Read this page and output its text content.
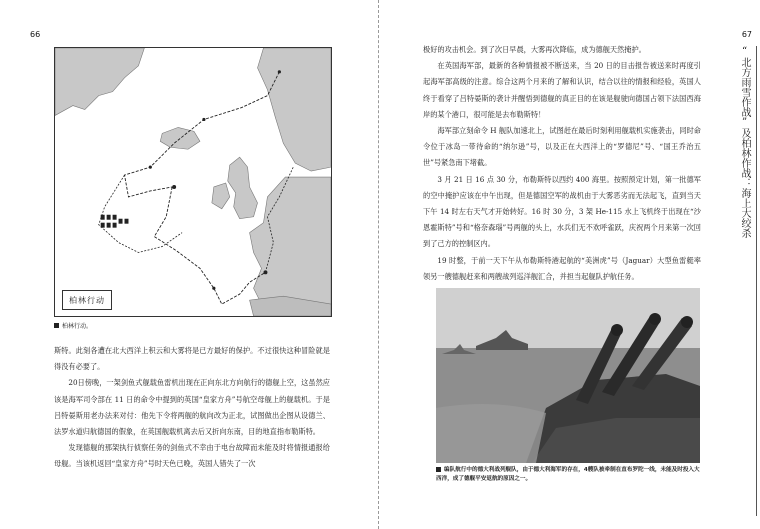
66
柏林行动
柏林行动。

斯特。此刻各遭在北大西洋上积云和大雾将是已方最好的保护。不过很快这种冒险就是得没有必要了。

20日傍晚，一架剑鱼式舰载鱼雷机出现在正向东北方向航行的德舰上空，这虽然应该是海军司令部在 11 日的命令中提到的英国“皇家方舟”号航空母舰上的舰载机。于是吕特晏斯用老办法来对付：他先下令将两舰的航向改为正北，试图做出企图从设德兰、法罗水道归航德国的假象，在英国舰载机离去后又折向东南，目的地直指布勒斯特。

发现德舰的那架执行侦察任务的剑鱼式不幸由于电台故障而未能及时将情报通报给母舰。当该机返回“皇家方舟”号时天色已晚，英国人错失了一次

67
“北方雨雪作战”及柏林作战：海上大绞杀

极好的攻击机会。到了次日早晨，大雾再次降临，成为德舰天然掩护。

在英国海军部，最新的各种情报被不断送来，当 20 日的目击报告被送来时再度引起海军部高级的注意。综合这两个月来的了解和认识，结合以往的情报和经验，英国人终于看穿了吕特晏斯的袭计并醒悟到德舰的真正目的在该是舰驶向德国占领下法国西海岸的某个港口，很可能是去布勒斯特！

海军部立刻命令 H 舰队加速北上，试图赶在最后时刻利用舰载机实施袭击，同时命令位于冰岛一带待命的“纳尔逊”号，以及正在大西洋上的“罗德尼”号、“国王乔治五世”号紧急南下堵截。

3 月 21 日 16 点 30 分，布勒斯特以西约 400 海里。按照预定计划，第一批德军的空中掩护应该在中午出现，但是德国空军的战机由于大雾恶劣而无法起飞，直到当天下午 14 时左右天气才开始转好。16 时 30 分，3 架 He-115 水上飞机终于出现在“沙恩霍斯特”号和“格奈森瑙”号两舰的头上，水兵们无不欢呼雀跃，庆祝两个月来第一次回到了己方的控制区内。

19 时整，于前一天下午从布勒斯特港起航的“美洲虎”号（Jaguar）大型鱼雷艇率领另一艘德舰赶来和两艘战列巡洋舰汇合，并担当起舰队护航任务。

编队航行中的德大利战列舰队，由于德大利海军的存在，4艘队被牵制在直布罗陀一线，未能及时投入大西洋，成了德舰平安返航的原因之一。
